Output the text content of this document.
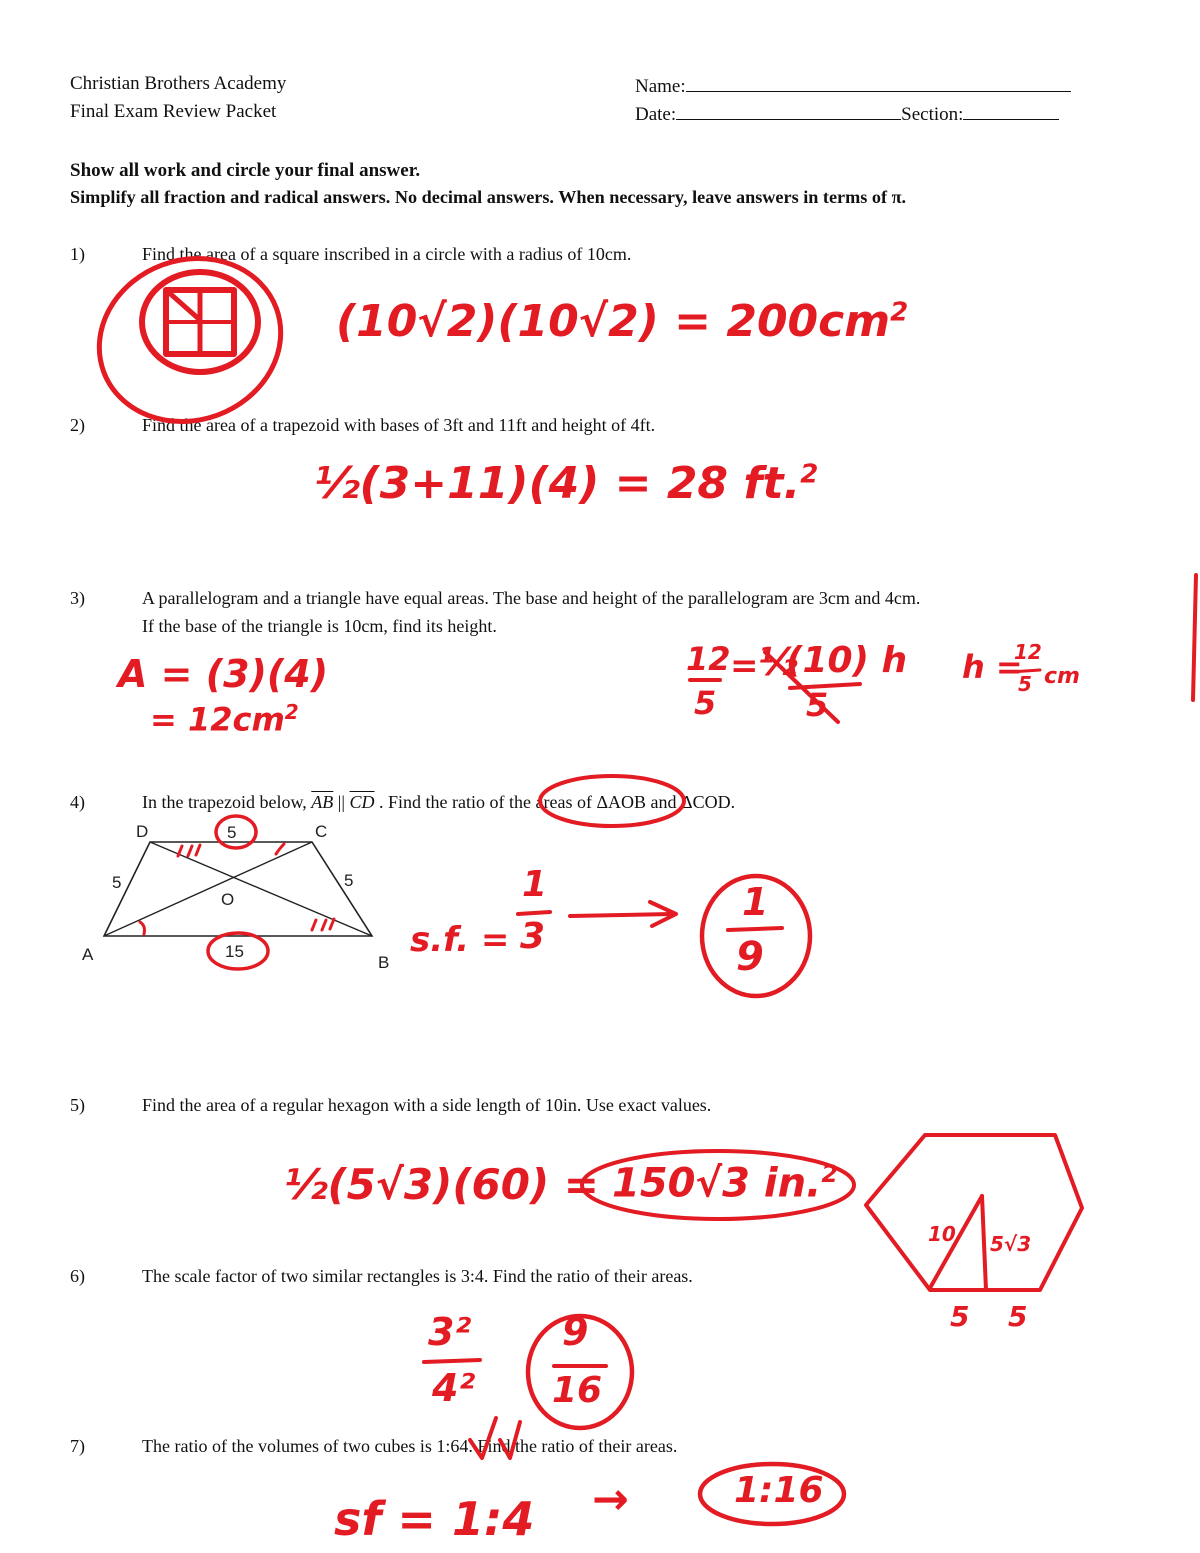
Christian Brothers Academy
Final Exam Review Packet
Name:
Date:	Section:
Show all work and circle your final answer.
Simplify all fraction and radical answers. No decimal answers. When necessary, leave answers in terms of π.
1)	Find the area of a square inscribed in a circle with a radius of 10cm.
2)	Find the area of a trapezoid with bases of 3ft and 11ft and height of 4ft.
3)	A parallelogram and a triangle have equal areas. The base and height of the parallelogram are 3cm and 4cm.
If the base of the triangle is 10cm, find its height.
4)	In the trapezoid below, $\overline{AB}$ || $\overline{CD}$ . Find the ratio of the areas of ΔAOB and ΔCOD.
5)	Find the area of a regular hexagon with a side length of 10in. Use exact values.
6)	The scale factor of two similar rectangles is 3:4. Find the ratio of their areas.
7)	The ratio of the volumes of two cubes is 1:64. Find the ratio of their areas.
A	B
C
D
O
5
15
5	5
$(10√2)(10√2) = 200cm^2$
½(3+11)(4) = 28 ft.$^2$
A = (3)(4)
= $12cm^2$
12
5
= ½
(10) h
5
h =
12
5 cm
s.f. =
1
3
1
9
½(5√3)(60) = 150√3 in.$^2$
10 5√3
5 5
3²
4²
9
16
sf = 1:4 →	1:16
